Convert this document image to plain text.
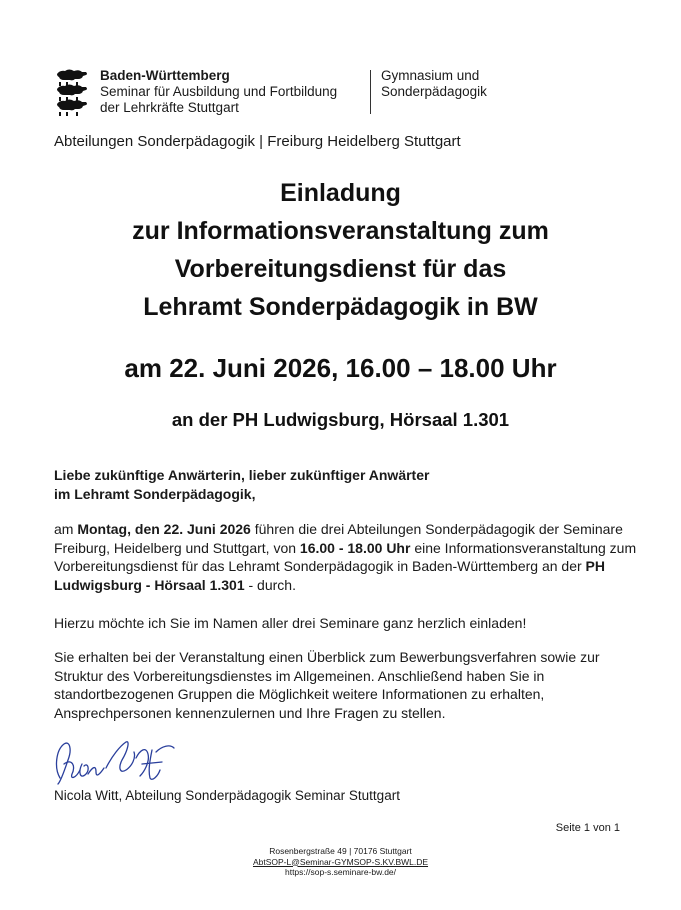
Baden-Württemberg
Seminar für Ausbildung und Fortbildung
der Lehrkräfte Stuttgart
Gymnasium und
Sonderpädagogik
Abteilungen Sonderpädagogik | Freiburg Heidelberg Stuttgart
Einladung
zur Informationsveranstaltung zum
Vorbereitungsdienst für das
Lehramt Sonderpädagogik in BW
am 22. Juni 2026, 16.00 – 18.00 Uhr
an der PH Ludwigsburg, Hörsaal 1.301
Liebe zukünftige Anwärterin, lieber zukünftiger Anwärter
im Lehramt Sonderpädagogik,
am Montag, den 22. Juni 2026 führen die drei Abteilungen Sonderpädagogik der Seminare Freiburg, Heidelberg und Stuttgart, von 16.00 - 18.00 Uhr eine Informationsveranstaltung zum Vorbereitungsdienst für das Lehramt Sonderpädagogik in Baden-Württemberg an der PH Ludwigsburg - Hörsaal 1.301 - durch.
Hierzu möchte ich Sie im Namen aller drei Seminare ganz herzlich einladen!
Sie erhalten bei der Veranstaltung einen Überblick zum Bewerbungsverfahren sowie zur Struktur des Vorbereitungsdienstes im Allgemeinen. Anschließend haben Sie in standortbezogenen Gruppen die Möglichkeit weitere Informationen zu erhalten, Ansprechpersonen kennenzulernen und Ihre Fragen zu stellen.
Nicola Witt, Abteilung Sonderpädagogik Seminar Stuttgart
Seite 1 von 1
Rosenbergstraße 49 | 70176 Stuttgart
AbtSOP-L@Seminar-GYMSOP-S.KV.BWL.DE
https://sop-s.seminare-bw.de/
